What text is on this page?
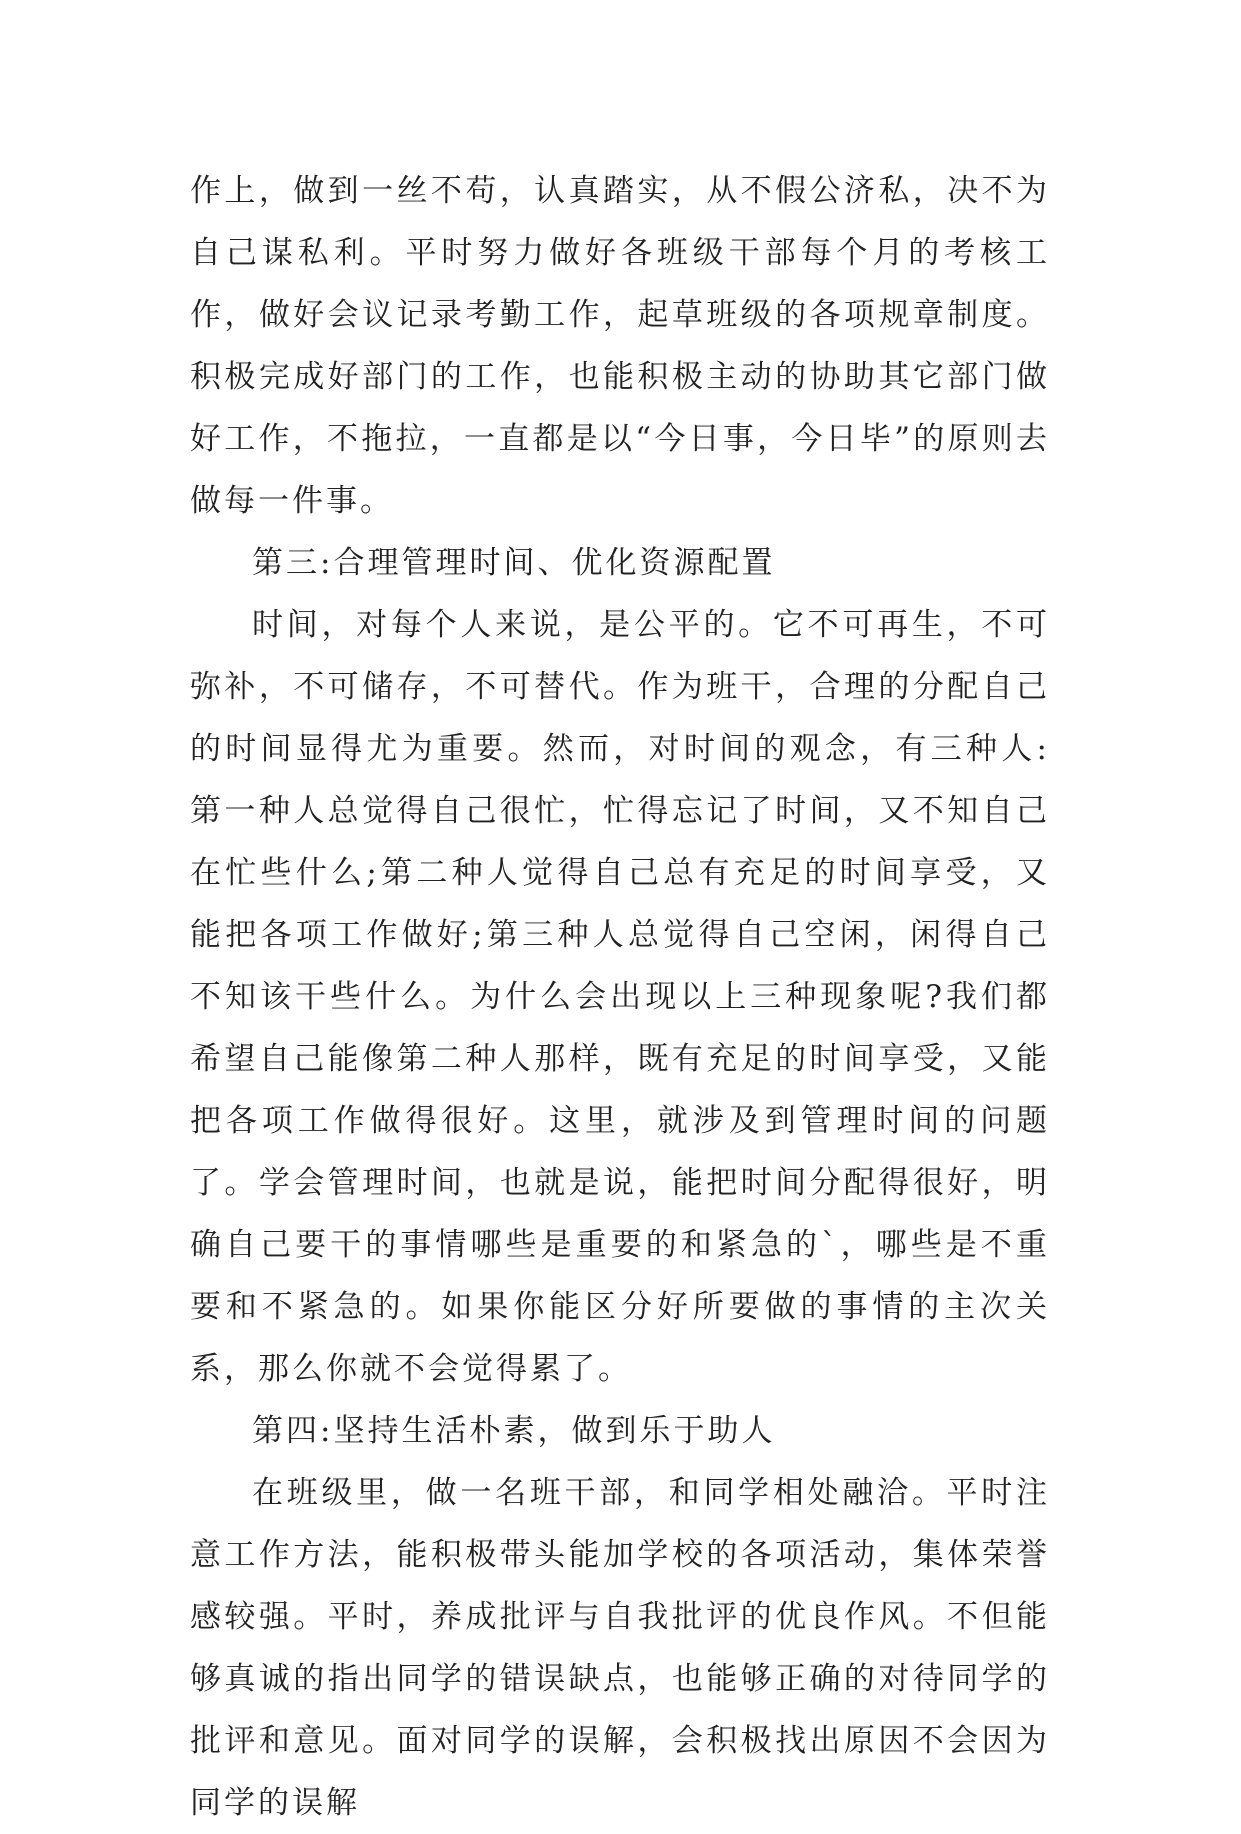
作上，做到一丝不苟，认真踏实，从不假公济私，决不为自己谋私利。平时努力做好各班级干部每个月的考核工作，做好会议记录考勤工作，起草班级的各项规章制度。积极完成好部门的工作，也能积极主动的协助其它部门做好工作，不拖拉，一直都是以“今日事，今日毕”的原则去做每一件事。

第三:合理管理时间、优化资源配置

时间，对每个人来说，是公平的。它不可再生，不可弥补，不可储存，不可替代。作为班干，合理的分配自己的时间显得尤为重要。然而，对时间的观念，有三种人:第一种人总觉得自己很忙，忙得忘记了时间，又不知自己在忙些什么;第二种人觉得自己总有充足的时间享受，又能把各项工作做好;第三种人总觉得自己空闲，闲得自己不知该干些什么。为什么会出现以上三种现象呢?我们都希望自己能像第二种人那样，既有充足的时间享受，又能把各项工作做得很好。这里，就涉及到管理时间的问题了。学会管理时间，也就是说，能把时间分配得很好，明确自己要干的事情哪些是重要的和紧急的`，哪些是不重要和不紧急的。如果你能区分好所要做的事情的主次关系，那么你就不会觉得累了。

第四:坚持生活朴素，做到乐于助人

在班级里，做一名班干部，和同学相处融洽。平时注意工作方法，能积极带头能加学校的各项活动，集体荣誉感较强。平时，养成批评与自我批评的优良作风。不但能够真诚的指出同学的错误缺点，也能够正确的对待同学的批评和意见。面对同学的误解，会积极找出原因不会因为同学的误解
